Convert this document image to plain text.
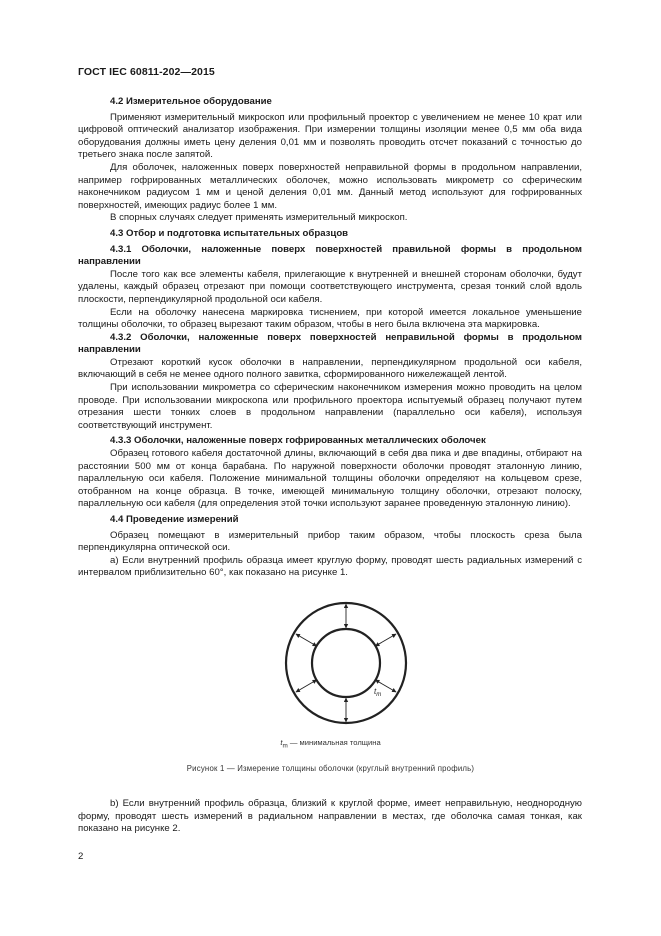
ГОСТ IEC 60811-202—2015
4.2 Измерительное оборудование

Применяют измерительный микроскоп или профильный проектор с увеличением не менее 10 крат или цифровой оптический анализатор изображения. При измерении толщины изоляции менее 0,5 мм оба вида оборудования должны иметь цену деления 0,01 мм и позволять проводить отсчет показаний с точностью до третьего знака после запятой.

Для оболочек, наложенных поверх поверхностей неправильной формы в продольном направлении, например гофрированных металлических оболочек, можно использовать микрометр со сферическим наконечником радиусом 1 мм и ценой деления 0,01 мм. Данный метод используют для гофрированных поверхностей, имеющих радиус более 1 мм.

В спорных случаях следует применять измерительный микроскоп.

4.3 Отбор и подготовка испытательных образцов
4.3.1 Оболочки, наложенные поверх поверхностей правильной формы в продольном направлении

После того как все элементы кабеля, прилегающие к внутренней и внешней сторонам оболочки, будут удалены, каждый образец отрезают при помощи соответствующего инструмента, срезая тонкий слой вдоль плоскости, перпендикулярной продольной оси кабеля.

Если на оболочку нанесена маркировка тиснением, при которой имеется локальное уменьшение толщины оболочки, то образец вырезают таким образом, чтобы в него была включена эта маркировка.

4.3.2 Оболочки, наложенные поверх поверхностей неправильной формы в продольном направлении

Отрезают короткий кусок оболочки в направлении, перпендикулярном продольной оси кабеля, включающий в себя не менее одного полного завитка, сформированного нижележащей лентой.

При использовании микрометра со сферическим наконечником измерения можно проводить на целом проводе. При использовании микроскопа или профильного проектора испытуемый образец получают путем отрезания шести тонких слоев в продольном направлении (параллельно оси кабеля), используя соответствующий инструмент.

4.3.3 Оболочки, наложенные поверх гофрированных металлических оболочек

Образец готового кабеля достаточной длины, включающий в себя два пика и две впадины, отбирают на расстоянии 500 мм от конца барабана. По наружной поверхности оболочки проводят эталонную линию, параллельную оси кабеля. Положение минимальной толщины оболочки определяют на кольцевом срезе, отобранном на конце образца. В точке, имеющей минимальную толщину оболочки, отрезают полоску, параллельную оси кабеля (для определения этой точки используют заранее проведенную эталонную линию).

4.4 Проведение измерений

Образец помещают в измерительный прибор таким образом, чтобы плоскость среза была перпендикулярна оптической оси.

а) Если внутренний профиль образца имеет круглую форму, проводят шесть радиальных измерений с интервалом приблизительно 60°, как показано на рисунке 1.

$t_m$
$t_m$ — минимальная толщина
Рисунок 1 — Измерение толщины оболочки (круглый внутренний профиль)

b) Если внутренний профиль образца, близкий к круглой форме, имеет неправильную, неоднородную форму, проводят шесть измерений в радиальном направлении в местах, где оболочка самая тонкая, как показано на рисунке 2.

2
